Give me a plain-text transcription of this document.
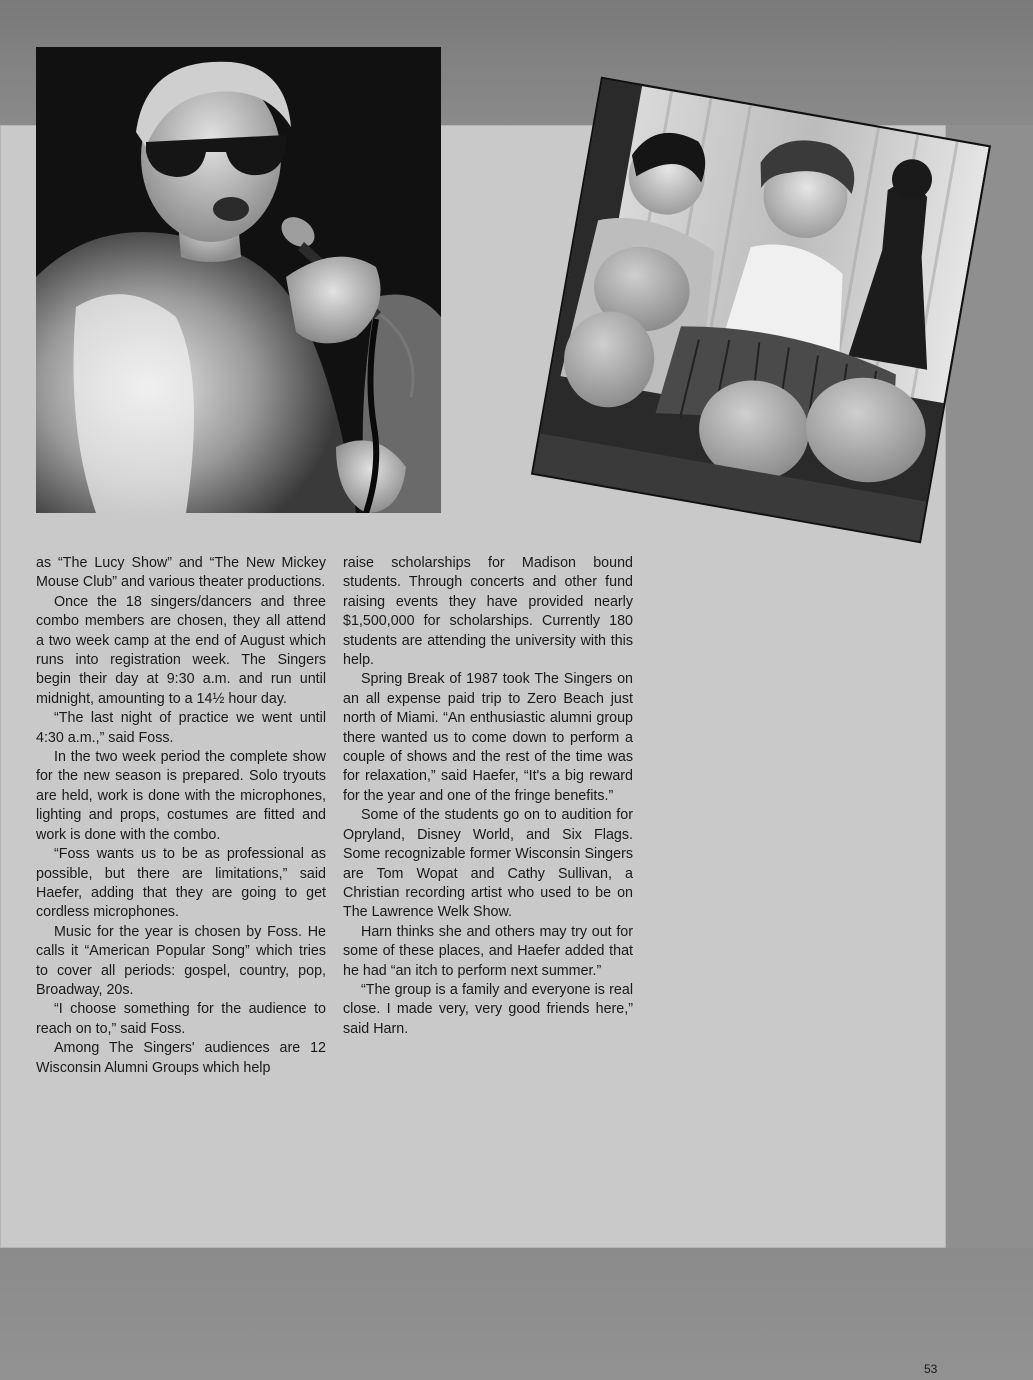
as “The Lucy Show” and “The New Mickey Mouse Club” and various theater productions.

Once the 18 singers/dancers and three combo members are chosen, they all attend a two week camp at the end of August which runs into registration week. The Singers begin their day at 9:30 a.m. and run until midnight, amounting to a 14½ hour day.

“The last night of practice we went until 4:30 a.m.,” said Foss.

In the two week period the complete show for the new season is prepared. Solo tryouts are held, work is done with the microphones, lighting and props, costumes are fitted and work is done with the combo.

“Foss wants us to be as professional as possible, but there are limitations,” said Haefer, adding that they are going to get cordless microphones.

Music for the year is chosen by Foss. He calls it “American Popular Song” which tries to cover all periods: gospel, country, pop, Broadway, 20s.

“I choose something for the audience to reach on to,” said Foss.

Among The Singers' audiences are 12 Wisconsin Alumni Groups which help

raise scholarships for Madison bound students. Through concerts and other fund raising events they have provided nearly $1,500,000 for scholarships. Currently 180 students are attending the university with this help.

Spring Break of 1987 took The Singers on an all expense paid trip to Zero Beach just north of Miami. “An enthusiastic alumni group there wanted us to come down to perform a couple of shows and the rest of the time was for relaxation,” said Haefer, “It's a big reward for the year and one of the fringe benefits.”

Some of the students go on to audition for Opryland, Disney World, and Six Flags. Some recognizable former Wisconsin Singers are Tom Wopat and Cathy Sullivan, a Christian recording artist who used to be on The Lawrence Welk Show.

Harn thinks she and others may try out for some of these places, and Haefer added that he had “an itch to perform next summer.”

“The group is a family and everyone is real close. I made very, very good friends here,” said Harn.

53
